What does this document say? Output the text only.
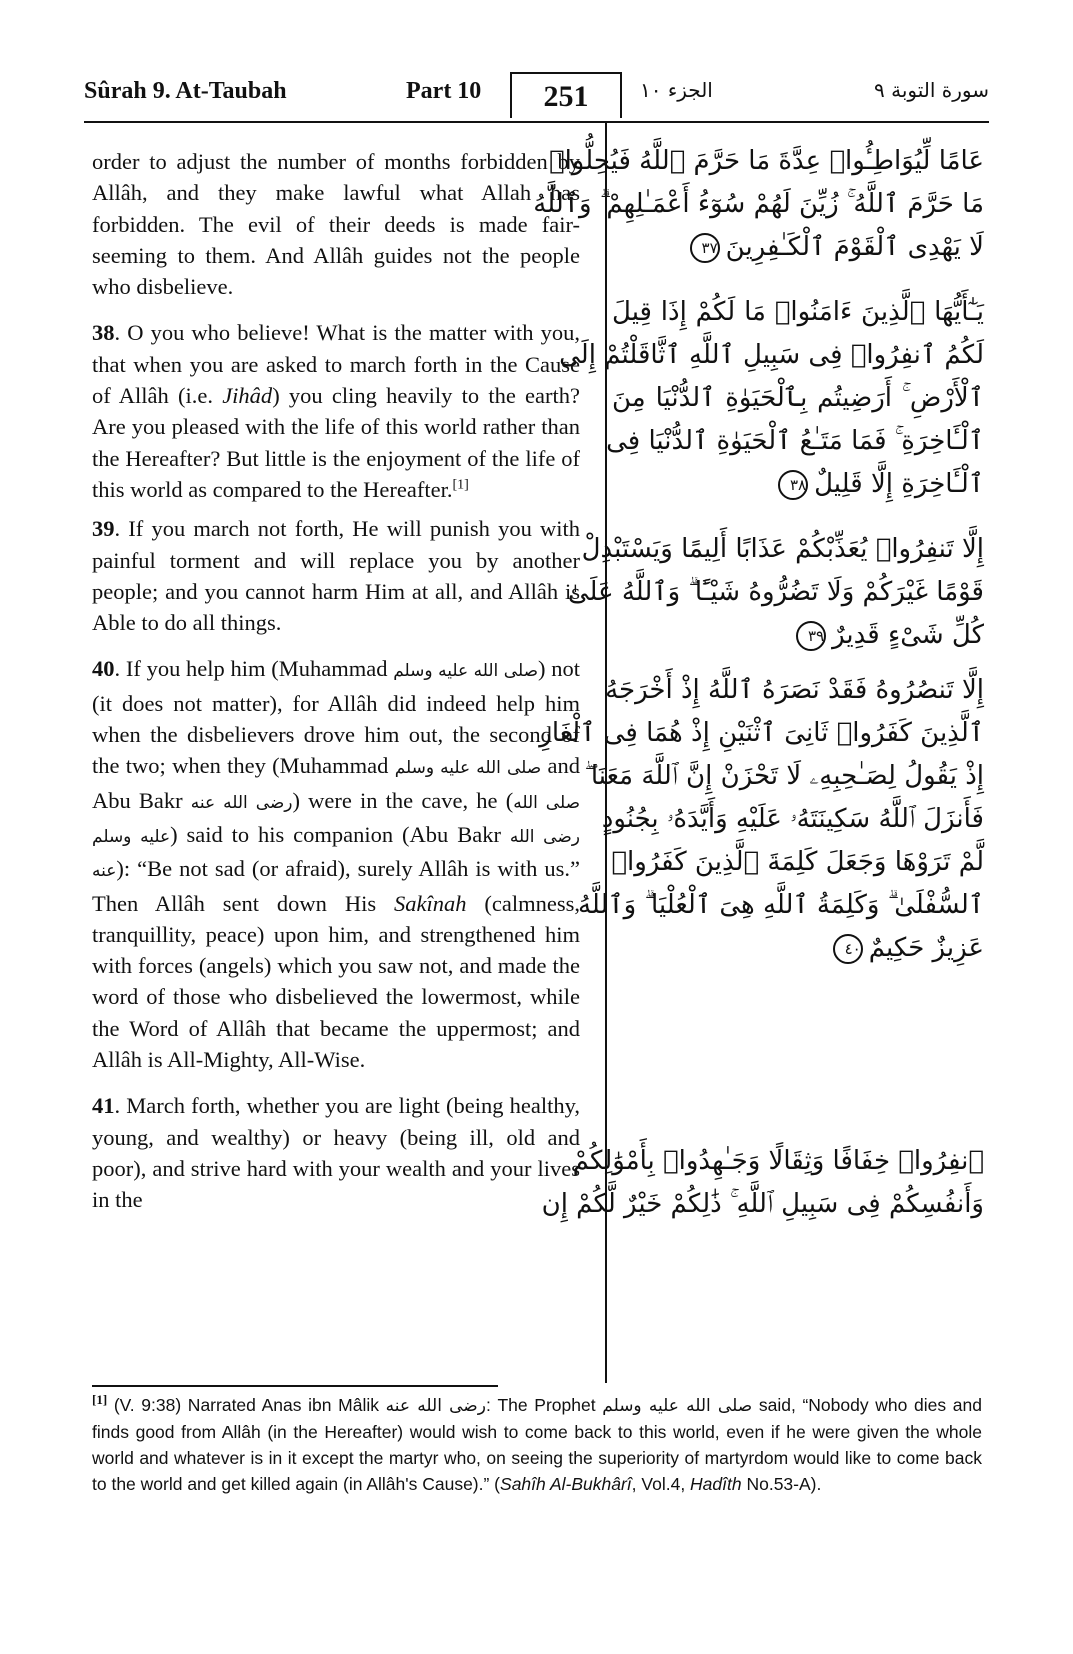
Sûrah 9. At-Taubah	Part 10	251	الجزء ١٠	سورة التوبة ٩

order to adjust the number of months forbidden by Allâh, and they make lawful what Allah has forbidden. The evil of their deeds is made fair-seeming to them. And Allâh guides not the people who disbelieve.

38. O you who believe! What is the matter with you, that when you are asked to march forth in the Cause of Allâh (i.e. Jihâd) you cling heavily to the earth? Are you pleased with the life of this world rather than the Hereafter? But little is the enjoyment of the life of this world as compared to the Hereafter.[1]

39. If you march not forth, He will punish you with painful torment and will replace you by another people; and you cannot harm Him at all, and Allâh is Able to do all things.

40. If you help him (Muhammad صلى الله عليه وسلم) not (it does not matter), for Allâh did indeed help him when the disbelievers drove him out, the second of the two; when they (Muhammad صلى الله عليه وسلم and Abu Bakr رضى الله عنه) were in the cave, he (صلى الله عليه وسلم) said to his companion (Abu Bakr رضى الله عنه): “Be not sad (or afraid), surely Allâh is with us.” Then Allâh sent down His Sakînah (calmness, tranquillity, peace) upon him, and strengthened him with forces (angels) which you saw not, and made the word of those who disbelieved the lowermost, while the Word of Allâh that became the uppermost; and Allâh is All-Mighty, All-Wise.

41. March forth, whether you are light (being healthy, young, and wealthy) or heavy (being ill, old and poor), and strive hard with your wealth and your lives in the

عَامًا لِّيُوَاطِـُٔوا۟ عِدَّةَ مَا حَرَّمَ ٱللَّهُ فَيُحِلُّوا۟
مَا حَرَّمَ ٱللَّهُ ۚ زُيِّنَ لَهُمْ سُوٓءُ أَعْمَـٰلِهِمْ ۗ وَٱللَّهُ
لَا يَهْدِى ٱلْقَوْمَ ٱلْكَـٰفِرِينَ٣٧
يَـٰٓأَيُّهَا ٱلَّذِينَ ءَامَنُوا۟ مَا لَكُمْ إِذَا قِيلَ
لَكُمُ ٱنفِرُوا۟ فِى سَبِيلِ ٱللَّهِ ٱثَّاقَلْتُمْ إِلَى
ٱلْأَرْضِ ۚ أَرَضِيتُم بِٱلْحَيَوٰةِ ٱلدُّنْيَا مِنَ
ٱلْـَٔاخِرَةِ ۚ فَمَا مَتَـٰعُ ٱلْحَيَوٰةِ ٱلدُّنْيَا فِى
ٱلْـَٔاخِرَةِ إِلَّا قَلِيلٌ٣٨
إِلَّا تَنفِرُوا۟ يُعَذِّبْكُمْ عَذَابًا أَلِيمًا وَيَسْتَبْدِلْ
قَوْمًا غَيْرَكُمْ وَلَا تَضُرُّوهُ شَيْـًٔا ۗ وَٱللَّهُ عَلَىٰ
كُلِّ شَىْءٍ قَدِيرٌ٣٩
إِلَّا تَنصُرُوهُ فَقَدْ نَصَرَهُ ٱللَّهُ إِذْ أَخْرَجَهُ
ٱلَّذِينَ كَفَرُوا۟ ثَانِىَ ٱثْنَيْنِ إِذْ هُمَا فِى ٱلْغَارِ
إِذْ يَقُولُ لِصَـٰحِبِهِۦ لَا تَحْزَنْ إِنَّ ٱللَّهَ مَعَنَا ۖ
فَأَنزَلَ ٱللَّهُ سَكِينَتَهُۥ عَلَيْهِ وَأَيَّدَهُۥ بِجُنُودٍ
لَّمْ تَرَوْهَا وَجَعَلَ كَلِمَةَ ٱلَّذِينَ كَفَرُوا۟
ٱلسُّفْلَىٰ ۗ وَكَلِمَةُ ٱللَّهِ هِىَ ٱلْعُلْيَا ۗ وَٱللَّهُ
عَزِيزٌ حَكِيمٌ٤٠
ٱنفِرُوا۟ خِفَافًا وَثِقَالًا وَجَـٰهِدُوا۟ بِأَمْوَٰلِكُمْ
وَأَنفُسِكُمْ فِى سَبِيلِ ٱللَّهِ ۚ ذَٰلِكُمْ خَيْرٌ لَّكُمْ إِن
[1] (V. 9:38) Narrated Anas ibn Mâlik رضى الله عنه: The Prophet صلى الله عليه وسلم said, “Nobody who dies and finds good from Allâh (in the Hereafter) would wish to come back to this world, even if he were given the whole world and whatever is in it except the martyr who, on seeing the superiority of martyrdom would like to come back to the world and get killed again (in Allâh's Cause).” (Sahîh Al-Bukhârî, Vol.4, Hadîth No.53-A).
